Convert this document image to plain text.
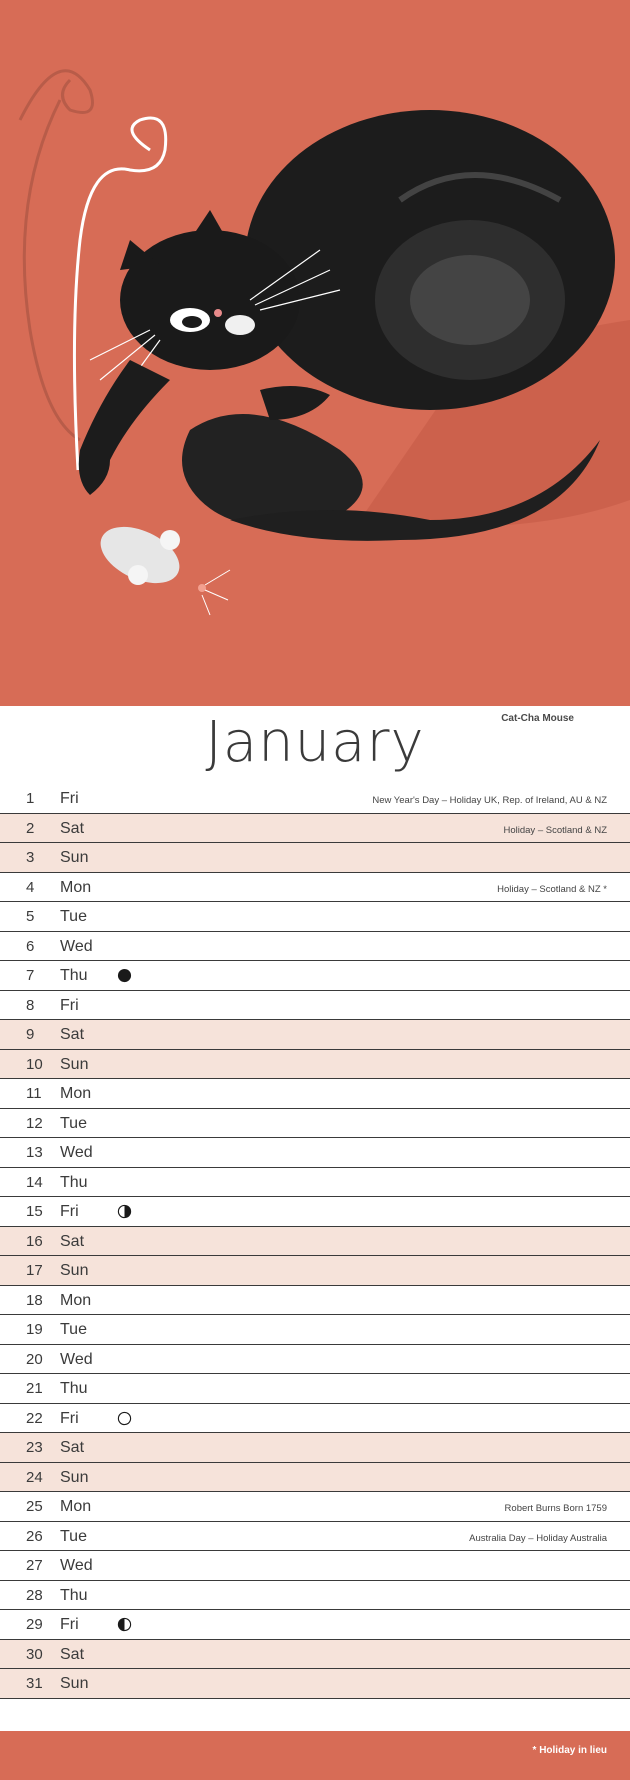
January	Cat-Cha Mouse
1 Fri	New Year's Day – Holiday UK, Rep. of Ireland, AU & NZ
2 Sat	Holiday – Scotland & NZ
3 Sun
4 Mon	Holiday – Scotland & NZ *
5 Tue
6 Wed
7 Thu
8 Fri
9 Sat
10 Sun
11 Mon
12 Tue
13 Wed
14 Thu
15 Fri
16 Sat
17 Sun
18 Mon
19 Tue
20 Wed
21 Thu
22 Fri
23 Sat
24 Sun
25 Mon	Robert Burns Born 1759
26 Tue	Australia Day – Holiday Australia
27 Wed
28 Thu
29 Fri
30 Sat
31 Sun
* Holiday in lieu
